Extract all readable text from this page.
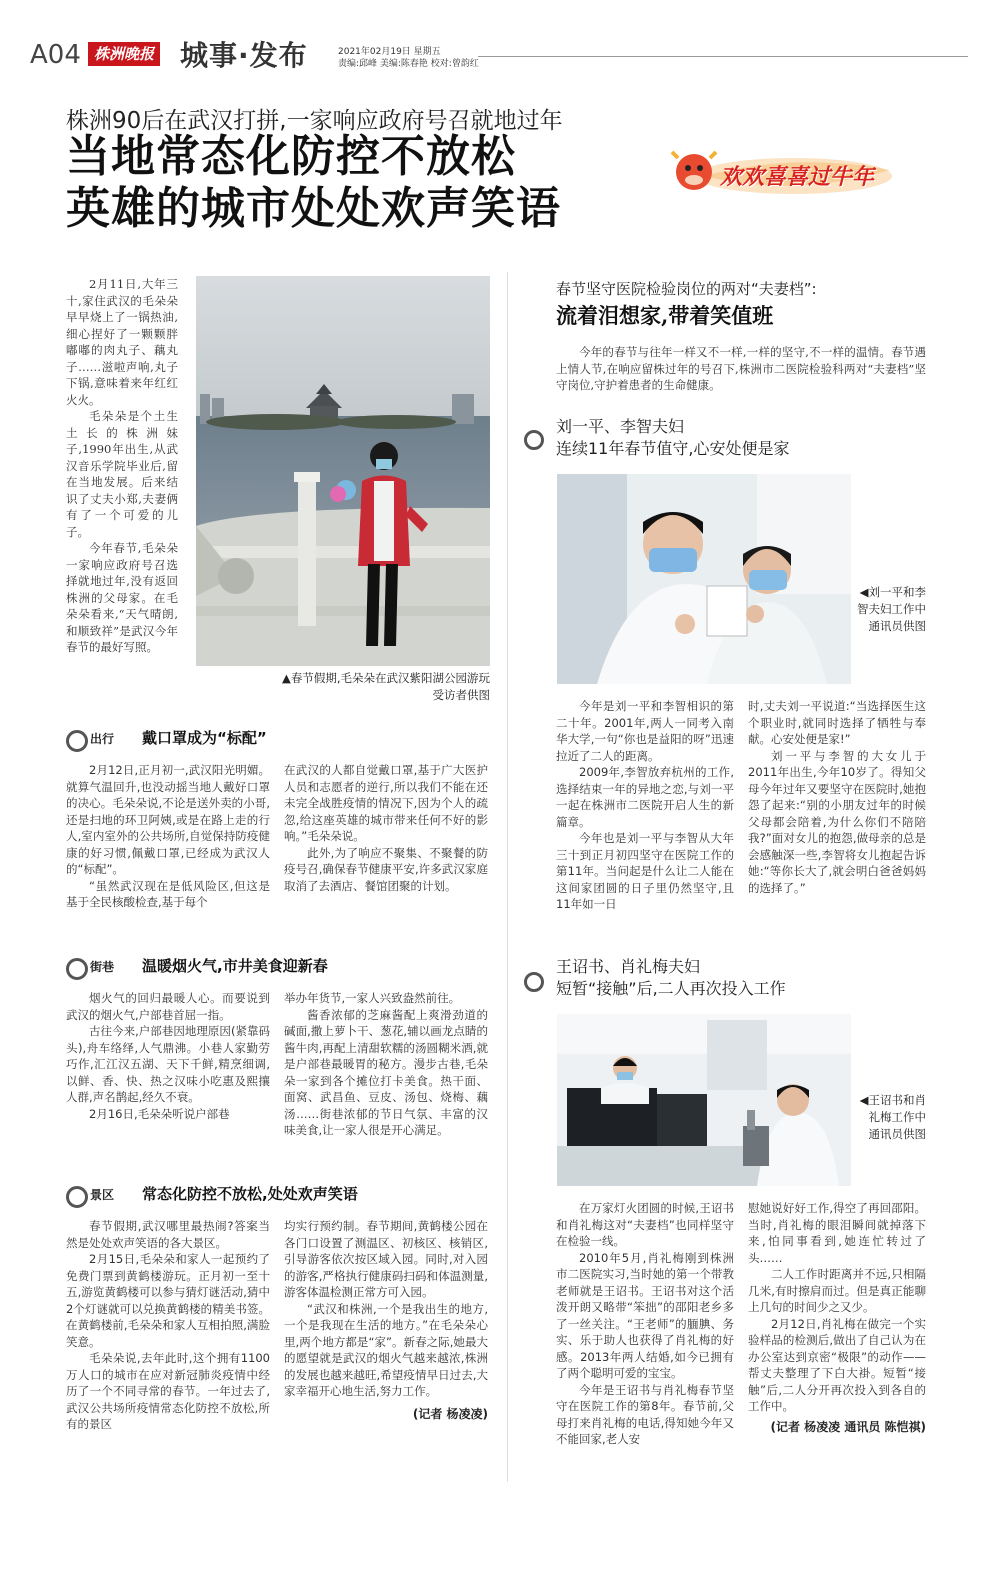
A04 株洲晚报 城事·发布	2021年02月19日 星期五
责编:邱峰 美编:陈春艳 校对:曾韵红
株洲90后在武汉打拼,一家响应政府号召就地过年
当地常态化防控不放松
英雄的城市处处欢声笑语
欢欢喜喜过牛年

2月11日,大年三十,家住武汉的毛朵朵早早烧上了一锅热油,细心捏好了一颗颗胖嘟嘟的肉丸子、藕丸子……滋啦声响,丸子下锅,意味着来年红红火火。

毛朵朵是个土生土长的株洲妹子,1990年出生,从武汉音乐学院毕业后,留在当地发展。后来结识了丈夫小郑,夫妻俩有了一个可爱的儿子。

今年春节,毛朵朵一家响应政府号召选择就地过年,没有返回株洲的父母家。在毛朵朵看来,“天气晴朗,和顺致祥”是武汉今年春节的最好写照。

▲春节假期,毛朵朵在武汉紫阳湖公园游玩
受访者供图
出行 戴口罩成为“标配”

2月12日,正月初一,武汉阳光明媚。就算气温回升,也没动摇当地人戴好口罩的决心。毛朵朵说,不论是送外卖的小哥,还是扫地的环卫阿姨,或是在路上走的行人,室内室外的公共场所,自觉保持防疫健康的好习惯,佩戴口罩,已经成为武汉人的“标配”。

“虽然武汉现在是低风险区,但这是基于全民核酸检查,基于每个

在武汉的人都自觉戴口罩,基于广大医护人员和志愿者的逆行,所以我们不能在还未完全战胜疫情的情况下,因为个人的疏忽,给这座英雄的城市带来任何不好的影响。”毛朵朵说。

此外,为了响应不聚集、不聚餐的防疫号召,确保春节健康平安,许多武汉家庭取消了去酒店、餐馆团聚的计划。

街巷 温暖烟火气,市井美食迎新春

烟火气的回归最暖人心。而要说到武汉的烟火气,户部巷首屈一指。

古往今来,户部巷因地理原因(紧靠码头),舟车络绎,人气鼎沸。小巷人家勤劳巧作,汇江汉五湖、天下千鲜,精烹细调,以鲜、香、快、热之汉味小吃惠及熙攘人群,声名鹊起,经久不衰。

2月16日,毛朵朵听说户部巷

举办年货节,一家人兴致盎然前往。

酱香浓郁的芝麻酱配上爽滑劲道的碱面,撒上萝卜干、葱花,辅以画龙点睛的酱牛肉,再配上清甜软糯的汤圆糊米酒,就是户部巷最暖胃的秘方。漫步古巷,毛朵朵一家到各个摊位打卡美食。热干面、面窝、武昌鱼、豆皮、汤包、烧梅、藕汤……街巷浓郁的节日气氛、丰富的汉味美食,让一家人很是开心满足。

景区 常态化防控不放松,处处欢声笑语

春节假期,武汉哪里最热闹?答案当然是处处欢声笑语的各大景区。

2月15日,毛朵朵和家人一起预约了免费门票到黄鹤楼游玩。正月初一至十五,游览黄鹤楼可以参与猜灯谜活动,猜中2个灯谜就可以兑换黄鹤楼的精美书签。在黄鹤楼前,毛朵朵和家人互相拍照,满脸笑意。

毛朵朵说,去年此时,这个拥有1100万人口的城市在应对新冠肺炎疫情中经历了一个不同寻常的春节。一年过去了,武汉公共场所疫情常态化防控不放松,所有的景区

均实行预约制。春节期间,黄鹤楼公园在各门口设置了测温区、初核区、核销区,引导游客依次按区域入园。同时,对入园的游客,严格执行健康码扫码和体温测量,游客体温检测正常方可入园。

“武汉和株洲,一个是我出生的地方,一个是我现在生活的地方。”在毛朵朵心里,两个地方都是“家”。新春之际,她最大的愿望就是武汉的烟火气越来越浓,株洲的发展也越来越旺,希望疫情早日过去,大家幸福开心地生活,努力工作。

(记者 杨凌凌)
春节坚守医院检验岗位的两对“夫妻档”:
流着泪想家,带着笑值班

今年的春节与往年一样又不一样,一样的坚守,不一样的温情。春节遇上情人节,在响应留株过年的号召下,株洲市二医院检验科两对“夫妻档”坚守岗位,守护着患者的生命健康。

刘一平、李智夫妇
连续11年春节值守,心安处便是家
◀刘一平和李智夫妇工作中 通讯员供图

今年是刘一平和李智相识的第二十年。2001年,两人一同考入南华大学,一句“你也是益阳的呀”迅速拉近了二人的距离。

2009年,李智放弃杭州的工作,选择结束一年的异地之恋,与刘一平一起在株洲市二医院开启人生的新篇章。

今年也是刘一平与李智从大年三十到正月初四坚守在医院工作的第11年。当问起是什么让二人能在这间家团圆的日子里仍然坚守,且11年如一日

时,丈夫刘一平说道:“当选择医生这个职业时,就同时选择了牺牲与奉献。心安处便是家!”

刘一平与李智的大女儿于2011年出生,今年10岁了。得知父母今年过年又要坚守在医院时,她抱怨了起来:“别的小朋友过年的时候父母都会陪着,为什么你们不陪陪我?”面对女儿的抱怨,做母亲的总是会感触深一些,李智将女儿抱起告诉她:“等你长大了,就会明白爸爸妈妈的选择了。”

王诏书、肖礼梅夫妇
短暂“接触”后,二人再次投入工作
◀王诏书和肖礼梅工作中 通讯员供图

在万家灯火团圆的时候,王诏书和肖礼梅这对“夫妻档”也同样坚守在检验一线。

2010年5月,肖礼梅刚到株洲市二医院实习,当时她的第一个带教老师就是王诏书。王诏书对这个活泼开朗又略带“笨拙”的邵阳老乡多了一丝关注。“王老师”的腼腆、务实、乐于助人也获得了肖礼梅的好感。2013年两人结婚,如今已拥有了两个聪明可爱的宝宝。

今年是王诏书与肖礼梅春节坚守在医院工作的第8年。春节前,父母打来肖礼梅的电话,得知她今年又不能回家,老人安

慰她说好好工作,得空了再回邵阳。当时,肖礼梅的眼泪瞬间就掉落下来,怕同事看到,她连忙转过了头……

二人工作时距离并不远,只相隔几米,有时擦肩而过。但是真正能聊上几句的时间少之又少。

2月12日,肖礼梅在做完一个实验样品的检测后,做出了自己认为在办公室达到京密“极限”的动作——帮丈夫整理了下白大褂。短暂“接触”后,二人分开再次投入到各自的工作中。

(记者 杨凌凌 通讯员 陈恺祺)
